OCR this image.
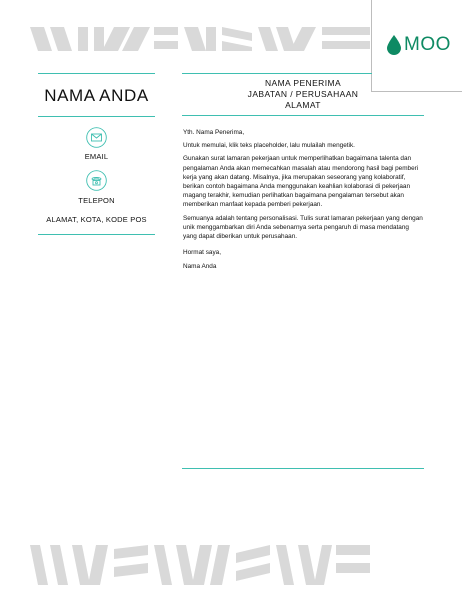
MOO
NAMA ANDA
EMAIL
TELEPON
ALAMAT, KOTA, KODE POS
NAMA PENERIMA
JABATAN / PERUSAHAAN
ALAMAT

Yth. Nama Penerima,

Untuk memulai, klik teks placeholder, lalu mulailah mengetik.

Gunakan surat lamaran pekerjaan untuk memperlihatkan bagaimana talenta dan pengalaman Anda akan memecahkan masalah atau mendorong hasil bagi pemberi kerja yang akan datang. Misalnya, jika merupakan seseorang yang kolaboratif, berikan contoh bagaimana Anda menggunakan keahlian kolaborasi di pekerjaan magang terakhir, kemudian perlihatkan bagaimana pengalaman tersebut akan memberikan manfaat kepada pemberi pekerjaan.

Semuanya adalah tentang personalisasi. Tulis surat lamaran pekerjaan yang dengan unik menggambarkan diri Anda sebenarnya serta pengaruh di masa mendatang yang dapat diberikan untuk perusahaan.

Hormat saya,

Nama Anda
